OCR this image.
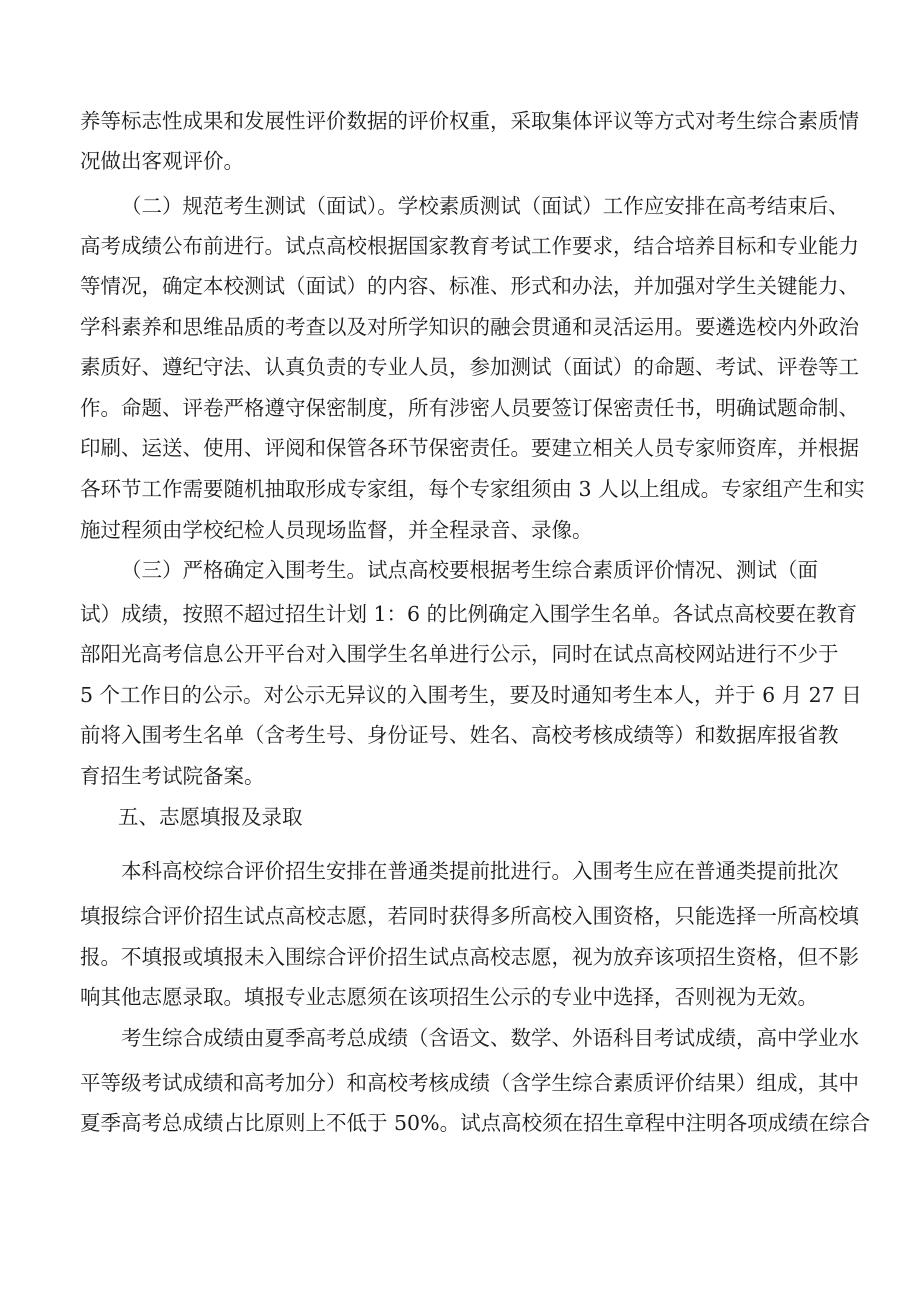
养等标志性成果和发展性评价数据的评价权重，采取集体评议等方式对考生综合素质情

况做出客观评价。

（二）规范考生测试（面试）。学校素质测试（面试）工作应安排在高考结束后、

高考成绩公布前进行。试点高校根据国家教育考试工作要求，结合培养目标和专业能力

等情况，确定本校测试（面试）的内容、标准、形式和办法，并加强对学生关键能力、

学科素养和思维品质的考查以及对所学知识的融会贯通和灵活运用。要遴选校内外政治

素质好、遵纪守法、认真负责的专业人员，参加测试（面试）的命题、考试、评卷等工

作。命题、评卷严格遵守保密制度，所有涉密人员要签订保密责任书，明确试题命制、

印刷、运送、使用、评阅和保管各环节保密责任。要建立相关人员专家师资库，并根据

各环节工作需要随机抽取形成专家组，每个专家组须由 3 人以上组成。专家组产生和实

施过程须由学校纪检人员现场监督，并全程录音、录像。

（三）严格确定入围考生。试点高校要根据考生综合素质评价情况、测试（面

试）成绩，按照不超过招生计划 1：6 的比例确定入围学生名单。各试点高校要在教育

部阳光高考信息公开平台对入围学生名单进行公示，同时在试点高校网站进行不少于

5 个工作日的公示。对公示无异议的入围考生，要及时通知考生本人，并于 6 月 27 日

前将入围考生名单（含考生号、身份证号、姓名、高校考核成绩等）和数据库报省教

育招生考试院备案。

五、志愿填报及录取

本科高校综合评价招生安排在普通类提前批进行。入围考生应在普通类提前批次

填报综合评价招生试点高校志愿，若同时获得多所高校入围资格，只能选择一所高校填

报。不填报或填报未入围综合评价招生试点高校志愿，视为放弃该项招生资格，但不影

响其他志愿录取。填报专业志愿须在该项招生公示的专业中选择，否则视为无效。

考生综合成绩由夏季高考总成绩（含语文、数学、外语科目考试成绩，高中学业水

平等级考试成绩和高考加分）和高校考核成绩（含学生综合素质评价结果）组成，其中

夏季高考总成绩占比原则上不低于 50%。试点高校须在招生章程中注明各项成绩在综合
